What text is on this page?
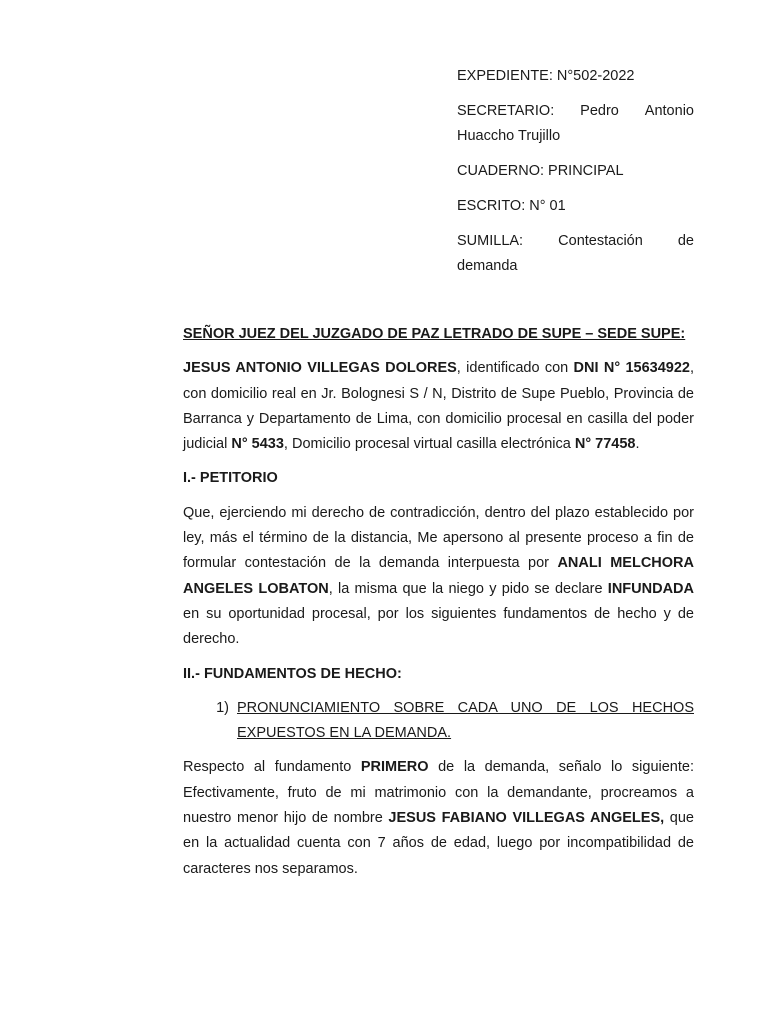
EXPEDIENTE: N°502-2022
SECRETARIO: Pedro Antonio
Huaccho Trujillo
CUADERNO: PRINCIPAL
ESCRITO: N° 01
SUMILLA: Contestación de
demanda
SEÑOR JUEZ DEL JUZGADO DE PAZ LETRADO DE SUPE – SEDE SUPE:
JESUS ANTONIO VILLEGAS DOLORES, identificado con DNI N° 15634922, con domicilio real en Jr. Bolognesi S / N, Distrito de Supe Pueblo, Provincia de Barranca y Departamento de Lima, con domicilio procesal en casilla del poder judicial N° 5433, Domicilio procesal virtual casilla electrónica N° 77458.
I.- PETITORIO
Que, ejerciendo mi derecho de contradicción, dentro del plazo establecido por ley, más el término de la distancia, Me apersono al presente proceso a fin de formular contestación de la demanda interpuesta por ANALI MELCHORA ANGELES LOBATON, la misma que la niego y pido se declare INFUNDADA en su oportunidad procesal, por los siguientes fundamentos de hecho y de derecho.
II.- FUNDAMENTOS DE HECHO:
1) PRONUNCIAMIENTO SOBRE CADA UNO DE LOS HECHOS EXPUESTOS EN LA DEMANDA.
Respecto al fundamento PRIMERO de la demanda, señalo lo siguiente: Efectivamente, fruto de mi matrimonio con la demandante, procreamos a nuestro menor hijo de nombre JESUS FABIANO VILLEGAS ANGELES, que en la actualidad cuenta con 7 años de edad, luego por incompatibilidad de caracteres nos separamos.
